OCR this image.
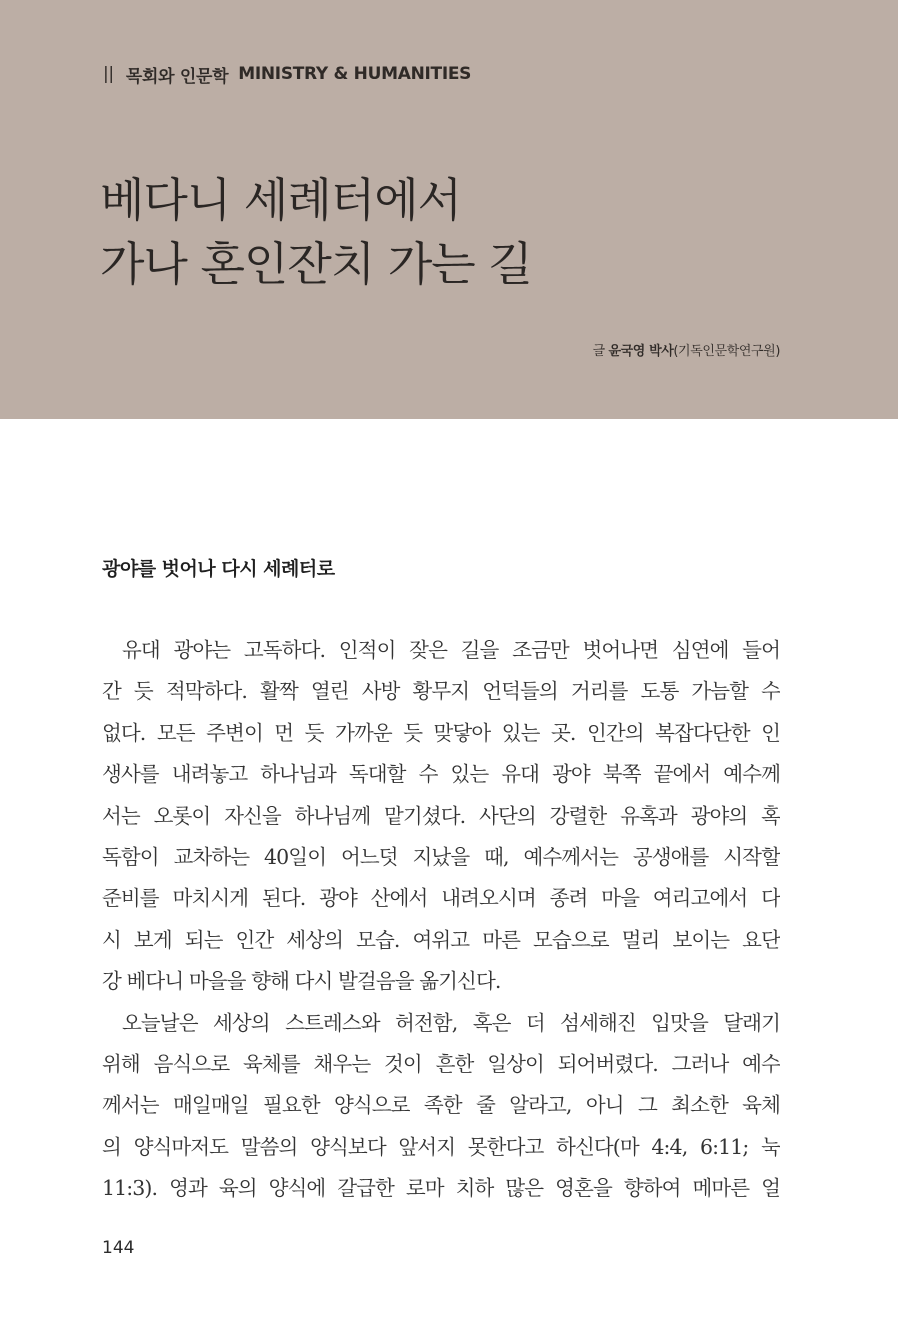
|| 목회와 인문학 MINISTRY & HUMANITIES
베다니 세례터에서
가나 혼인잔치 가는 길
글 윤국영 박사(기독인문학연구원)
광야를 벗어나 다시 세례터로
유대 광야는 고독하다. 인적이 잦은 길을 조금만 벗어나면 심연에 들어
간 듯 적막하다. 활짝 열린 사방 황무지 언덕들의 거리를 도통 가늠할 수
없다. 모든 주변이 먼 듯 가까운 듯 맞닿아 있는 곳. 인간의 복잡다단한 인
생사를 내려놓고 하나님과 독대할 수 있는 유대 광야 북쪽 끝에서 예수께
서는 오롯이 자신을 하나님께 맡기셨다. 사단의 강렬한 유혹과 광야의 혹
독함이 교차하는 40일이 어느덧 지났을 때, 예수께서는 공생애를 시작할
준비를 마치시게 된다. 광야 산에서 내려오시며 종려 마을 여리고에서 다
시 보게 되는 인간 세상의 모습. 여위고 마른 모습으로 멀리 보이는 요단
강 베다니 마을을 향해 다시 발걸음을 옮기신다.
오늘날은 세상의 스트레스와 허전함, 혹은 더 섬세해진 입맛을 달래기
위해 음식으로 육체를 채우는 것이 흔한 일상이 되어버렸다. 그러나 예수
께서는 매일매일 필요한 양식으로 족한 줄 알라고, 아니 그 최소한 육체
의 양식마저도 말씀의 양식보다 앞서지 못한다고 하신다(마 4:4, 6:11; 눅
11:3). 영과 육의 양식에 갈급한 로마 치하 많은 영혼을 향하여 메마른 얼
144
